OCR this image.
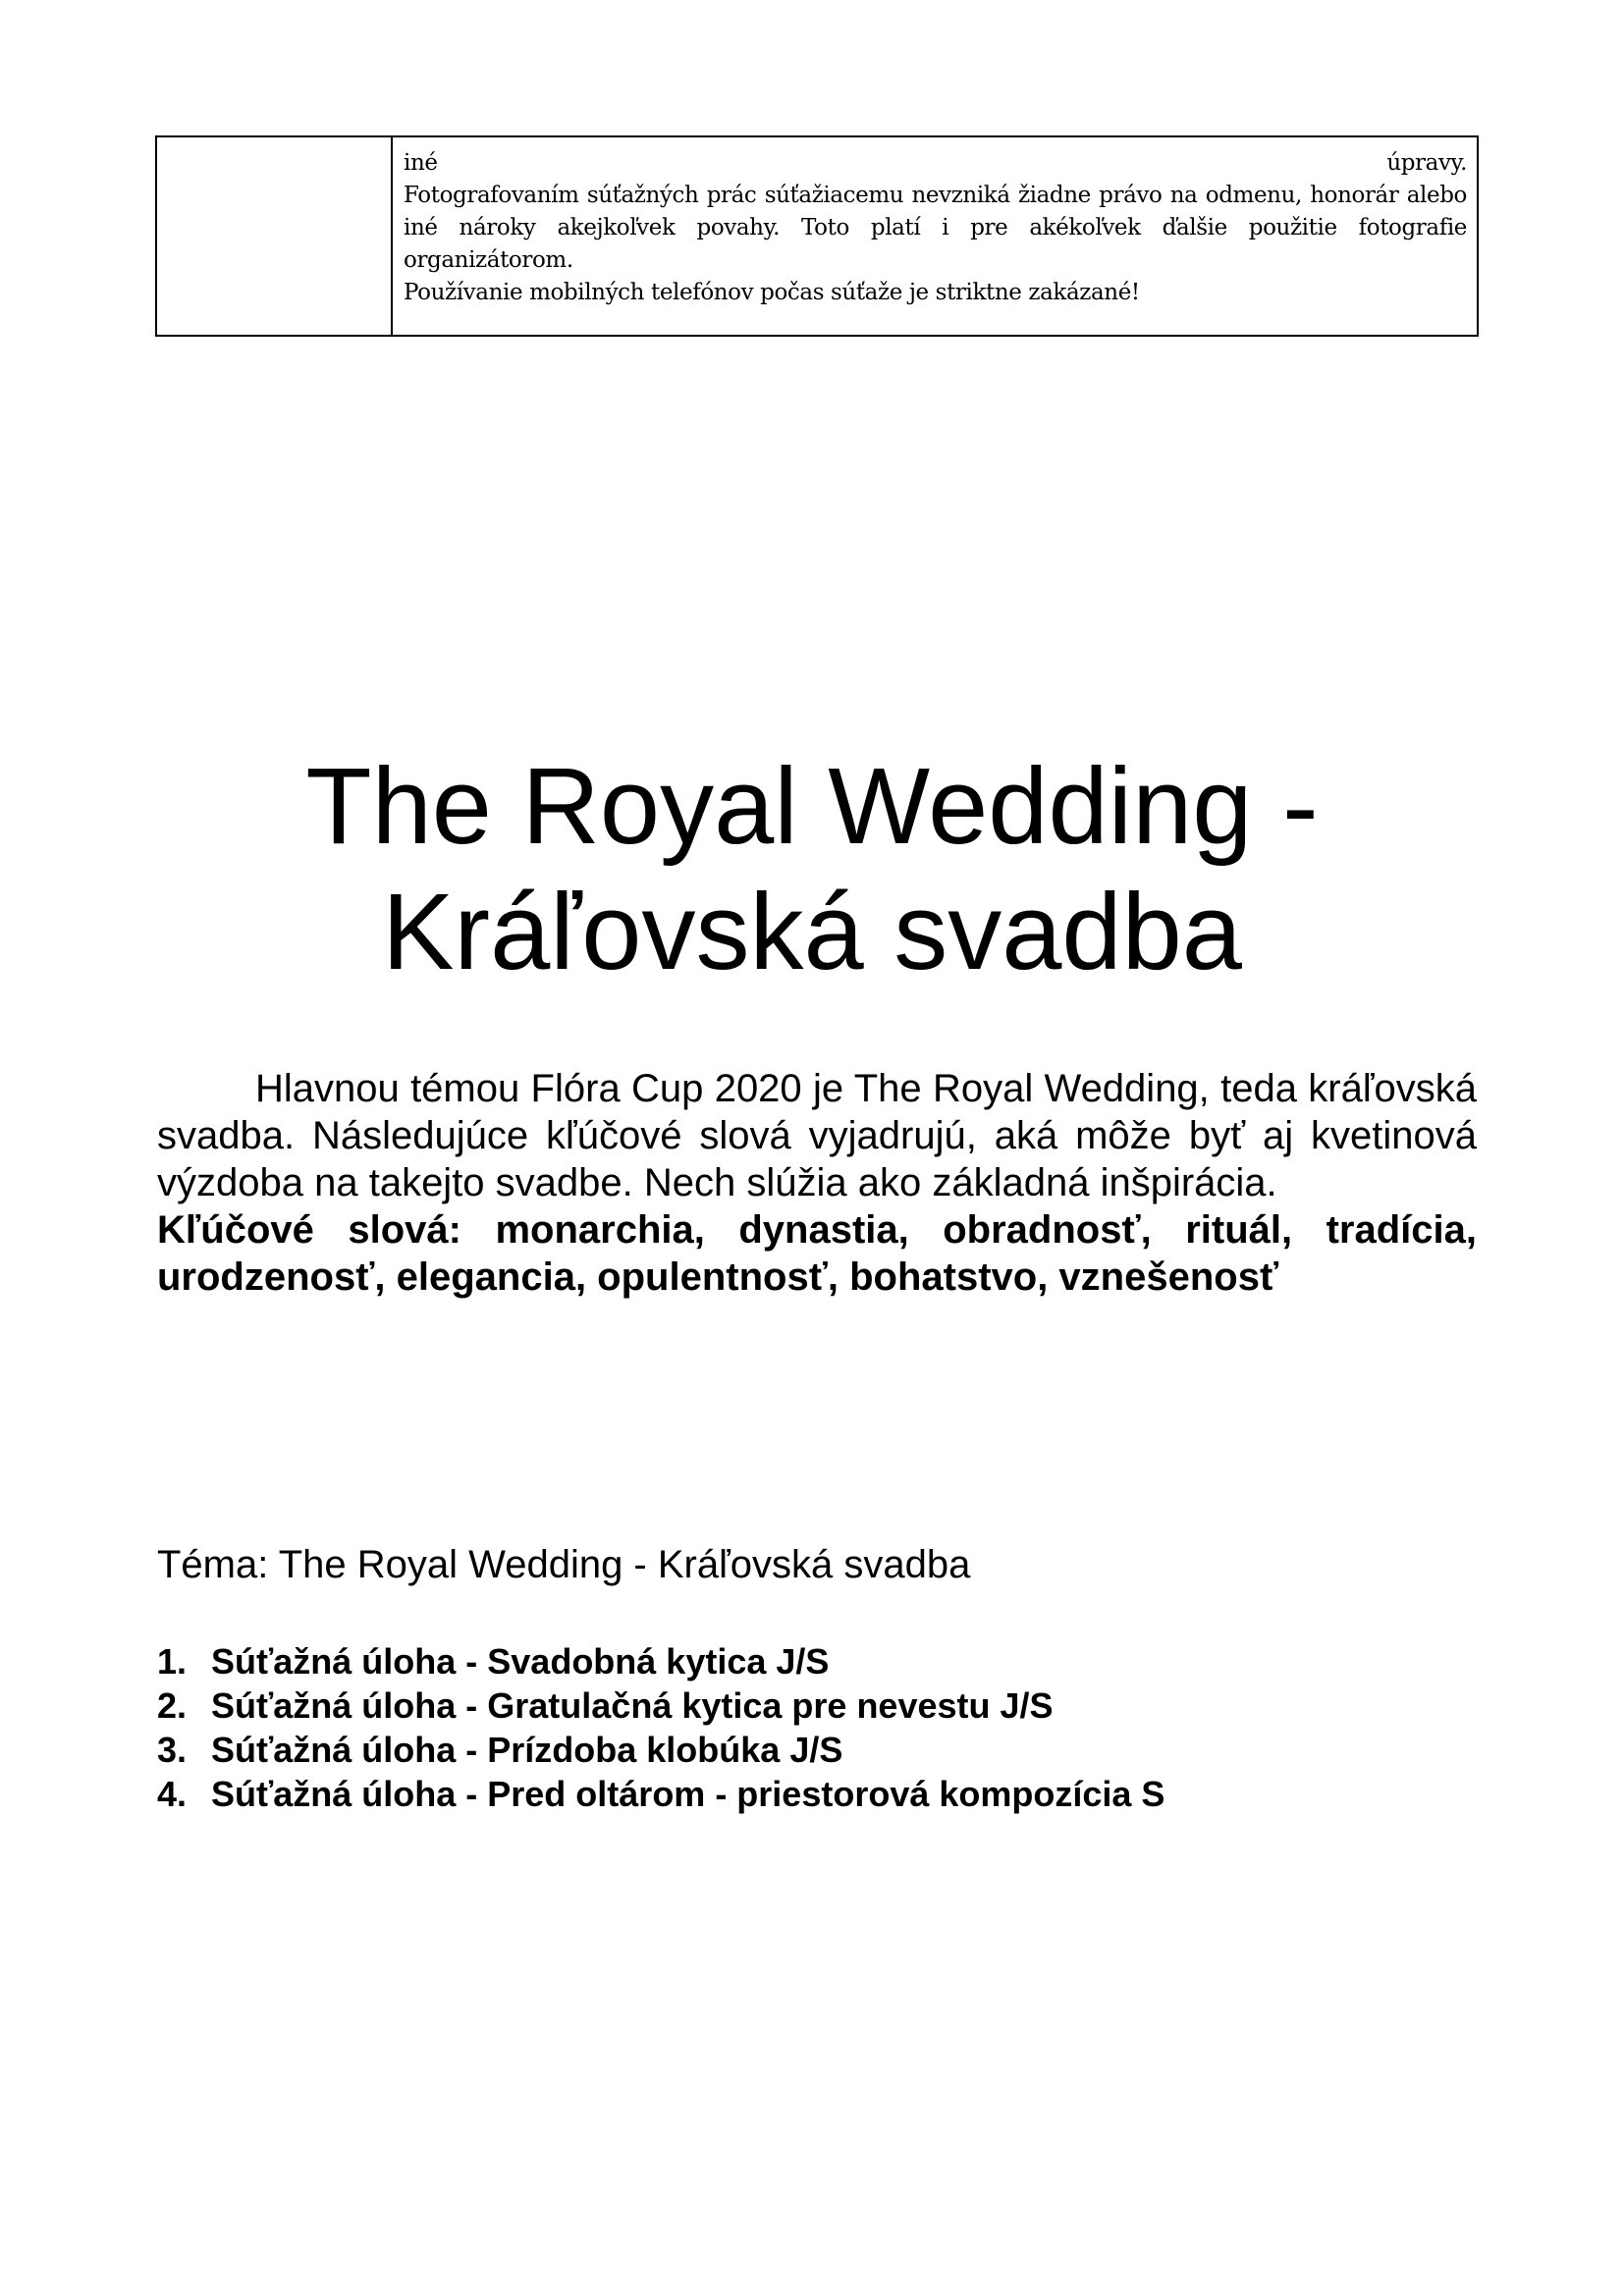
iné	úpravy.

Fotografovaním súťažných prác súťažiacemu nevzniká žiadne právo na odmenu, honorár alebo iné nároky akejkoľvek povahy. Toto platí i pre akékoľvek ďalšie použitie fotografie organizátorom.

Používanie mobilných telefónov počas súťaže je striktne zakázané!

The Royal Wedding -
Kráľovská svadba

Hlavnou témou Flóra Cup 2020 je The Royal Wedding, teda kráľovská svadba. Následujúce kľúčové slová vyjadrujú, aká môže byť aj kvetinová výzdoba na takejto svadbe. Nech slúžia ako základná inšpirácia.

Kľúčové slová: monarchia, dynastia, obradnosť, rituál, tradícia, urodzenosť, elegancia, opulentnosť, bohatstvo, vznešenosť

Téma: The Royal Wedding - Kráľovská svadba

1. Súťažná úloha - Svadobná kytica J/S
2. Súťažná úloha - Gratulačná kytica pre nevestu J/S
3. Súťažná úloha - Prízdoba klobúka J/S
4. Súťažná úloha - Pred oltárom - priestorová kompozícia S
